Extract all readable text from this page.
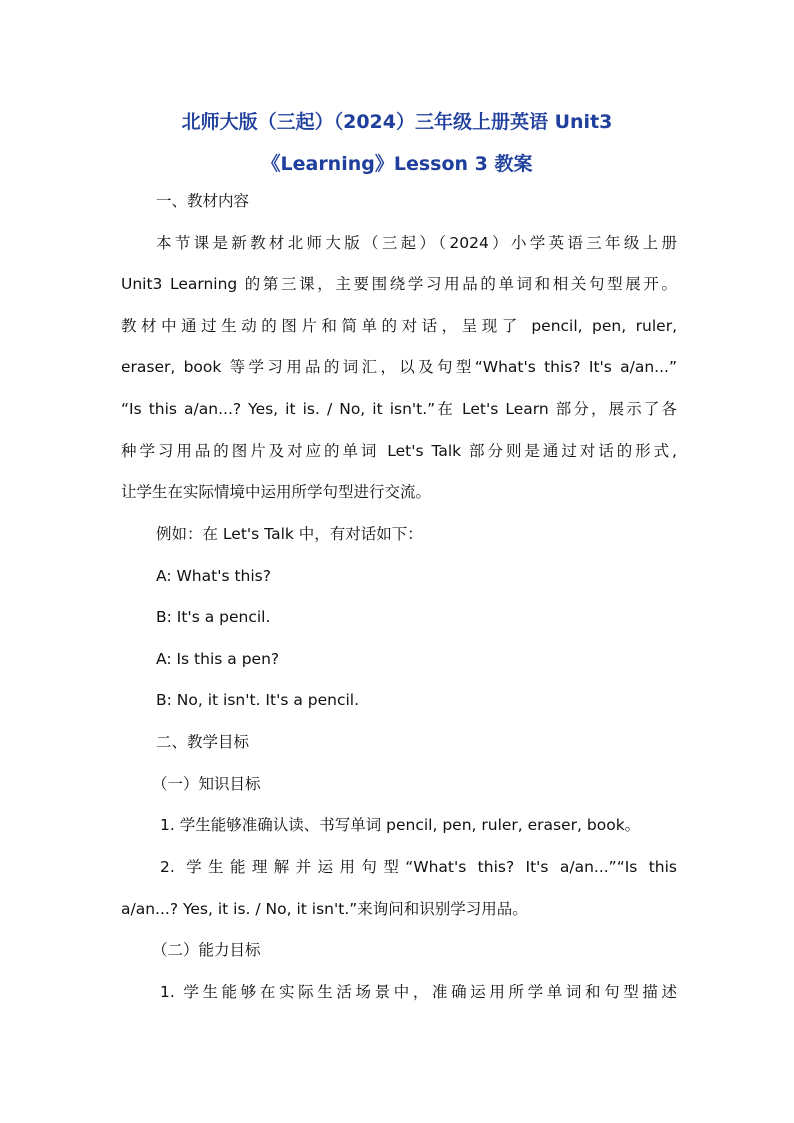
北师大版（三起）（2024）三年级上册英语 Unit3
《Learning》Lesson 3 教案
一、教材内容
本节课是新教材北师大版（三起）（2024）小学英语三年级上册
Unit3 Learning 的第三课，主要围绕学习用品的单词和相关句型展开。
教材中通过生动的图片和简单的对话，呈现了 pencil, pen, ruler,
eraser, book 等学习用品的词汇，以及句型“What's this? It's a/an...”
“Is this a/an...? Yes, it is. / No, it isn't.”在 Let's Learn 部分，展示了各
种学习用品的图片及对应的单词 Let's Talk 部分则是通过对话的形式,
让学生在实际情境中运用所学句型进行交流。
例如：在 Let's Talk 中，有对话如下：
A: What's this?
B: It's a pencil.
A: Is this a pen?
B: No, it isn't. It's a pencil.
二、教学目标
（一）知识目标
1. 学生能够准确认读、书写单词 pencil, pen, ruler, eraser, book。
2. 学生能理解并运用句型“What's this? It's a/an...”“Is this
a/an...? Yes, it is. / No, it isn't.”来询问和识别学习用品。
（二）能力目标
1. 学生能够在实际生活场景中，准确运用所学单词和句型描述
